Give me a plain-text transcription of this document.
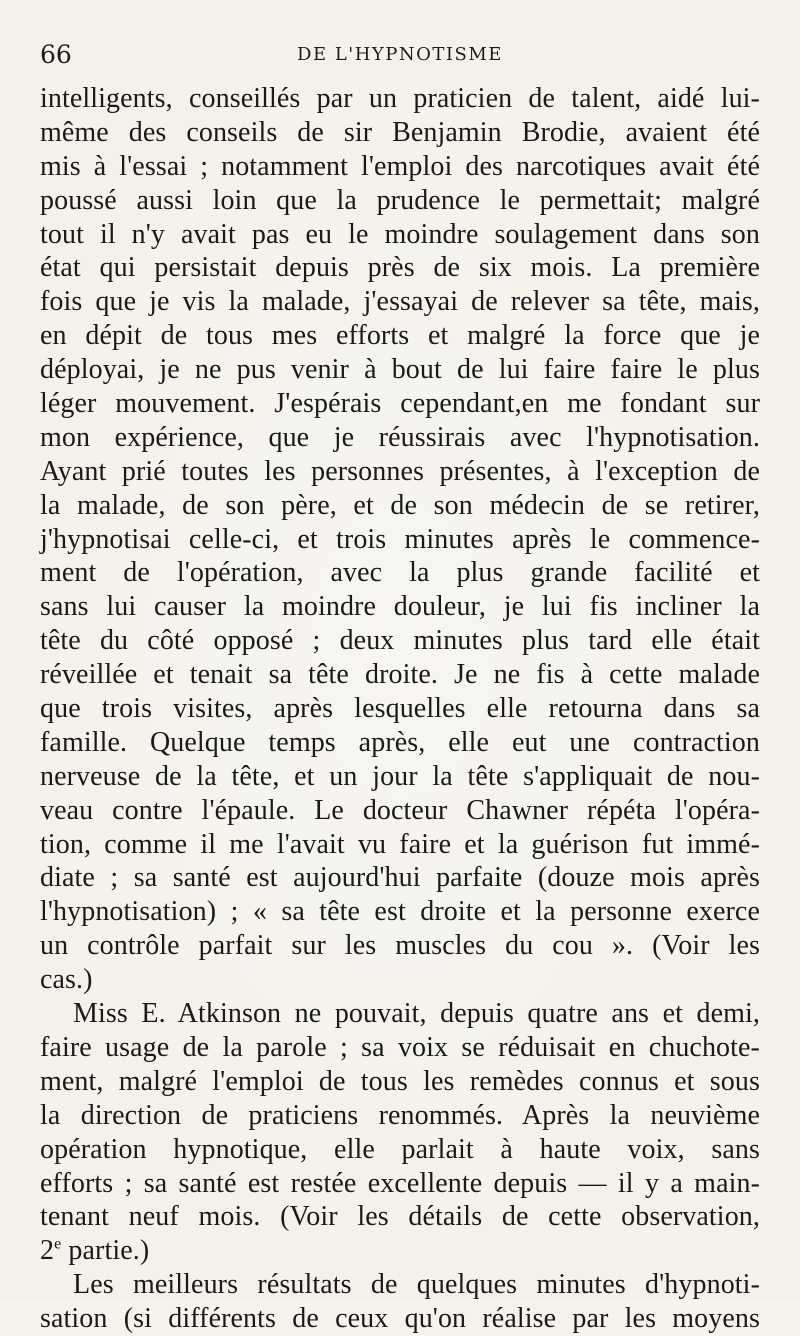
66	DE L'HYPNOTISME
intelligents, conseillés par un praticien de talent, aidé lui-
même des conseils de sir Benjamin Brodie, avaient été
mis à l'essai ; notamment l'emploi des narcotiques avait été
poussé aussi loin que la prudence le permettait; malgré
tout il n'y avait pas eu le moindre soulagement dans son
état qui persistait depuis près de six mois. La première
fois que je vis la malade, j'essayai de relever sa tête, mais,
en dépit de tous mes efforts et malgré la force que je
déployai, je ne pus venir à bout de lui faire faire le plus
léger mouvement. J'espérais cependant,en me fondant sur
mon expérience, que je réussirais avec l'hypnotisation.
Ayant prié toutes les personnes présentes, à l'exception de
la malade, de son père, et de son médecin de se retirer,
j'hypnotisai celle-ci, et trois minutes après le commence-
ment de l'opération, avec la plus grande facilité et
sans lui causer la moindre douleur, je lui fis incliner la
tête du côté opposé ; deux minutes plus tard elle était
réveillée et tenait sa tête droite. Je ne fis à cette malade
que trois visites, après lesquelles elle retourna dans sa
famille. Quelque temps après, elle eut une contraction
nerveuse de la tête, et un jour la tête s'appliquait de nou-
veau contre l'épaule. Le docteur Chawner répéta l'opéra-
tion, comme il me l'avait vu faire et la guérison fut immé-
diate ; sa santé est aujourd'hui parfaite (douze mois après
l'hypnotisation) ; « sa tête est droite et la personne exerce
un contrôle parfait sur les muscles du cou ». (Voir les
cas.)
Miss E. Atkinson ne pouvait, depuis quatre ans et demi,
faire usage de la parole ; sa voix se réduisait en chuchote-
ment, malgré l'emploi de tous les remèdes connus et sous
la direction de praticiens renommés. Après la neuvième
opération hypnotique, elle parlait à haute voix, sans
efforts ; sa santé est restée excellente depuis — il y a main-
tenant neuf mois. (Voir les détails de cette observation,
2e partie.)
Les meilleurs résultats de quelques minutes d'hypnoti-
sation (si différents de ceux qu'on réalise par les moyens
